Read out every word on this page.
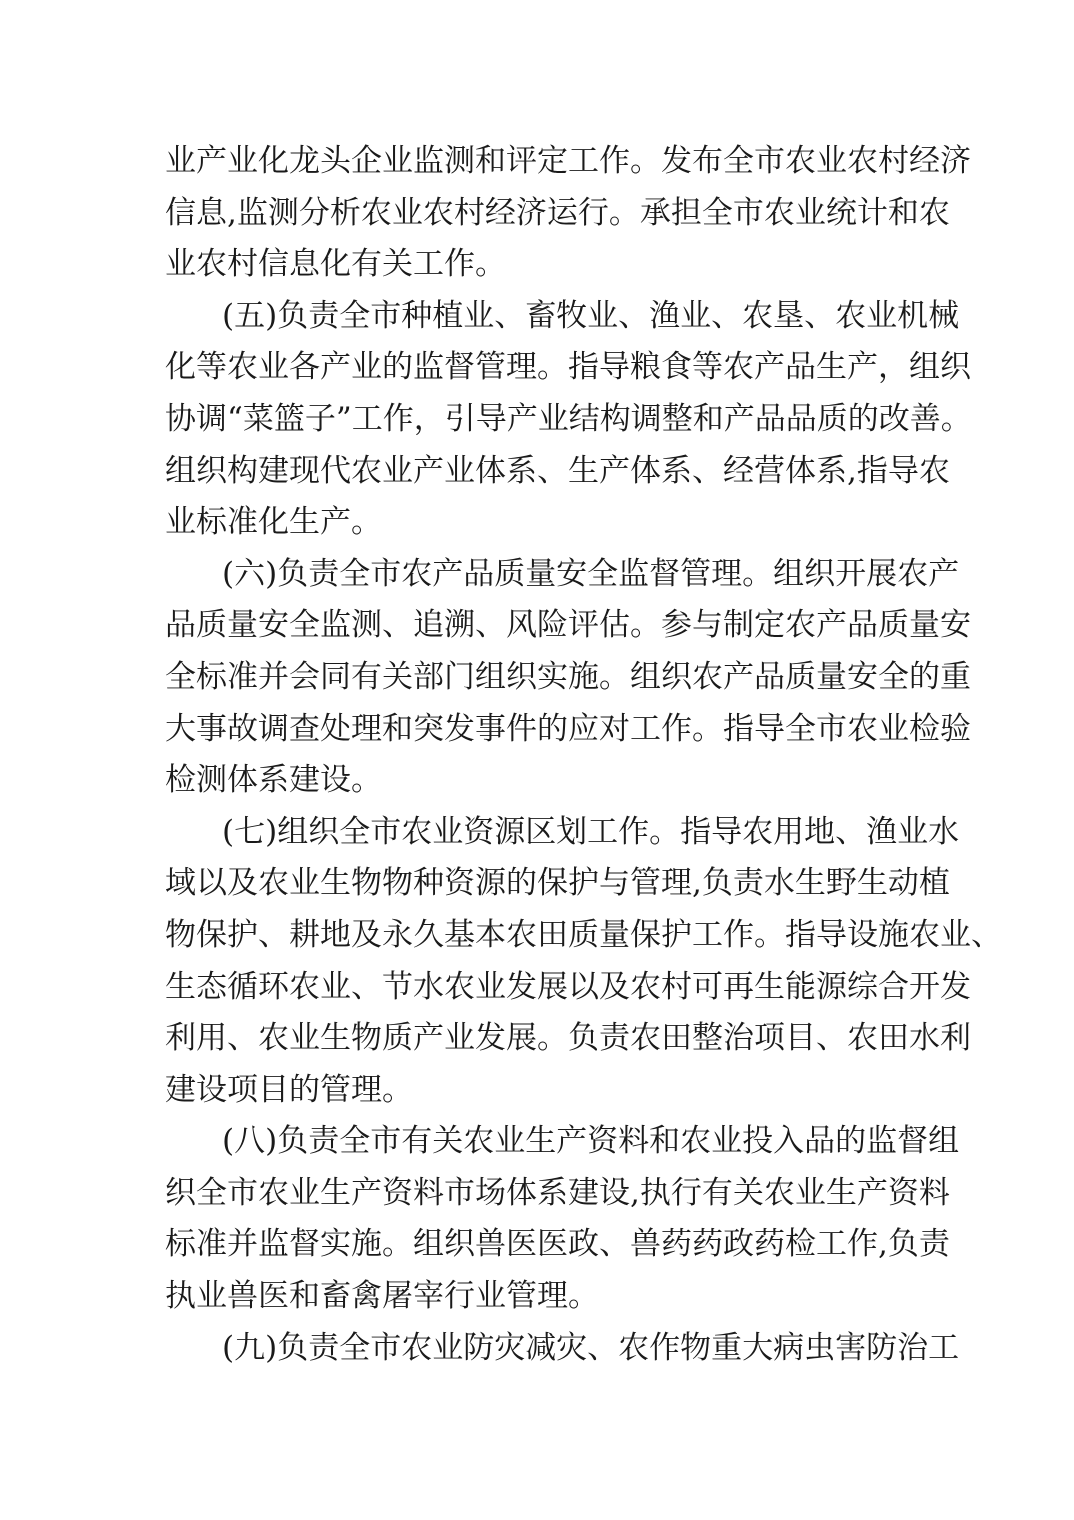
业产业化龙头企业监测和评定工作。发布全市农业农村经济
信息,监测分析农业农村经济运行。承担全市农业统计和农
业农村信息化有关工作。
(五)负责全市种植业、畜牧业、渔业、农垦、农业机械
化等农业各产业的监督管理。指导粮食等农产品生产，组织
协调“菜篮子”工作，引导产业结构调整和产品品质的改善。
组织构建现代农业产业体系、生产体系、经营体系,指导农
业标准化生产。
(六)负责全市农产品质量安全监督管理。组织开展农产
品质量安全监测、追溯、风险评估。参与制定农产品质量安
全标准并会同有关部门组织实施。组织农产品质量安全的重
大事故调查处理和突发事件的应对工作。指导全市农业检验
检测体系建设。
(七)组织全市农业资源区划工作。指导农用地、渔业水
域以及农业生物物种资源的保护与管理,负责水生野生动植
物保护、耕地及永久基本农田质量保护工作。指导设施农业、
生态循环农业、节水农业发展以及农村可再生能源综合开发
利用、农业生物质产业发展。负责农田整治项目、农田水利
建设项目的管理。
(八)负责全市有关农业生产资料和农业投入品的监督组
织全市农业生产资料市场体系建设,执行有关农业生产资料
标准并监督实施。组织兽医医政、兽药药政药检工作,负责
执业兽医和畜禽屠宰行业管理。
(九)负责全市农业防灾减灾、农作物重大病虫害防治工
